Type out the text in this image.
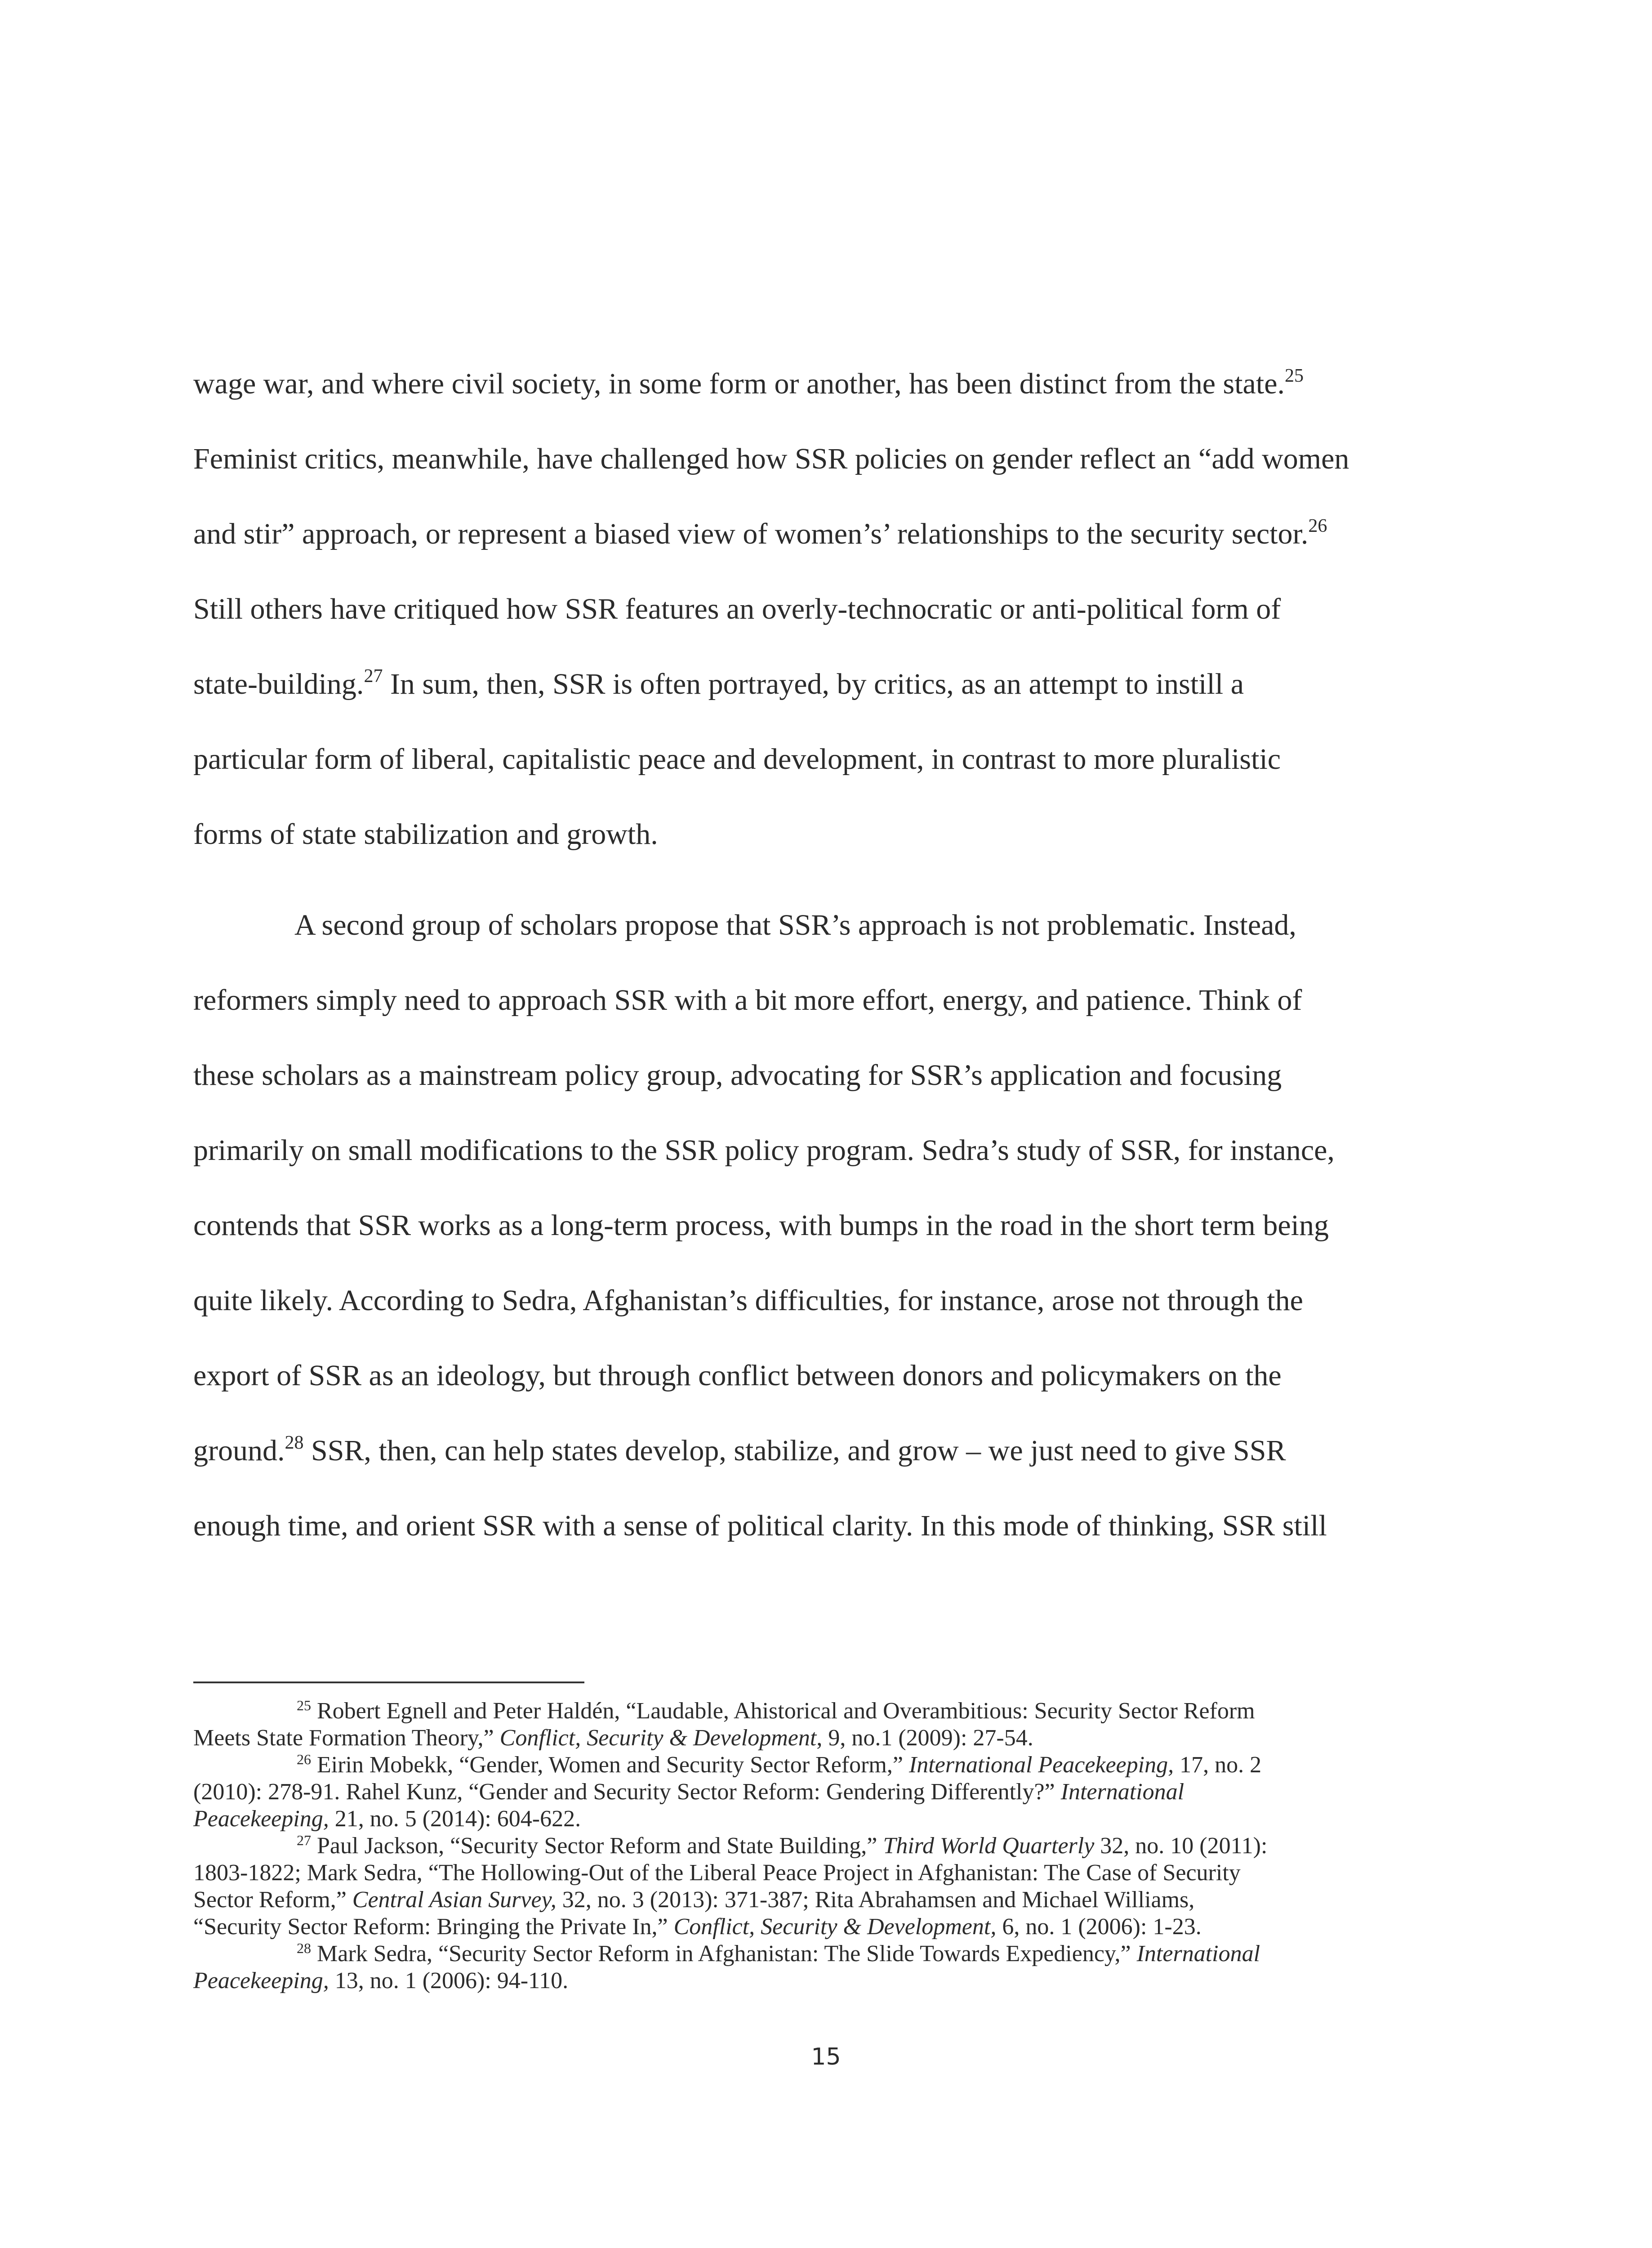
wage war, and where civil society, in some form or another, has been distinct from the state.$^{25}$
Feminist critics, meanwhile, have challenged how SSR policies on gender reflect an “add women
and stir” approach, or represent a biased view of women’s’ relationships to the security sector.$^{26}$
Still others have critiqued how SSR features an overly-technocratic or anti-political form of
state-building.$^{27}$ In sum, then, SSR is often portrayed, by critics, as an attempt to instill a
particular form of liberal, capitalistic peace and development, in contrast to more pluralistic
forms of state stabilization and growth.
A second group of scholars propose that SSR’s approach is not problematic. Instead,
reformers simply need to approach SSR with a bit more effort, energy, and patience. Think of
these scholars as a mainstream policy group, advocating for SSR’s application and focusing
primarily on small modifications to the SSR policy program. Sedra’s study of SSR, for instance,
contends that SSR works as a long-term process, with bumps in the road in the short term being
quite likely. According to Sedra, Afghanistan’s difficulties, for instance, arose not through the
export of SSR as an ideology, but through conflict between donors and policymakers on the
ground.$^{28}$ SSR, then, can help states develop, stabilize, and grow – we just need to give SSR
enough time, and orient SSR with a sense of political clarity. In this mode of thinking, SSR still
$^{25}$ Robert Egnell and Peter Haldén, “Laudable, Ahistorical and Overambitious: Security Sector Reform
Meets State Formation Theory,” Conflict, Security & Development, 9, no.1 (2009): 27-54.
$^{26}$ Eirin Mobekk, “Gender, Women and Security Sector Reform,” International Peacekeeping, 17, no. 2
(2010): 278-91. Rahel Kunz, “Gender and Security Sector Reform: Gendering Differently?” International
Peacekeeping, 21, no. 5 (2014): 604-622.
$^{27}$ Paul Jackson, “Security Sector Reform and State Building,” Third World Quarterly 32, no. 10 (2011):
1803-1822; Mark Sedra, “The Hollowing-Out of the Liberal Peace Project in Afghanistan: The Case of Security
Sector Reform,” Central Asian Survey, 32, no. 3 (2013): 371-387; Rita Abrahamsen and Michael Williams,
“Security Sector Reform: Bringing the Private In,” Conflict, Security & Development, 6, no. 1 (2006): 1-23.
$^{28}$ Mark Sedra, “Security Sector Reform in Afghanistan: The Slide Towards Expediency,” International
Peacekeeping, 13, no. 1 (2006): 94-110.
15
